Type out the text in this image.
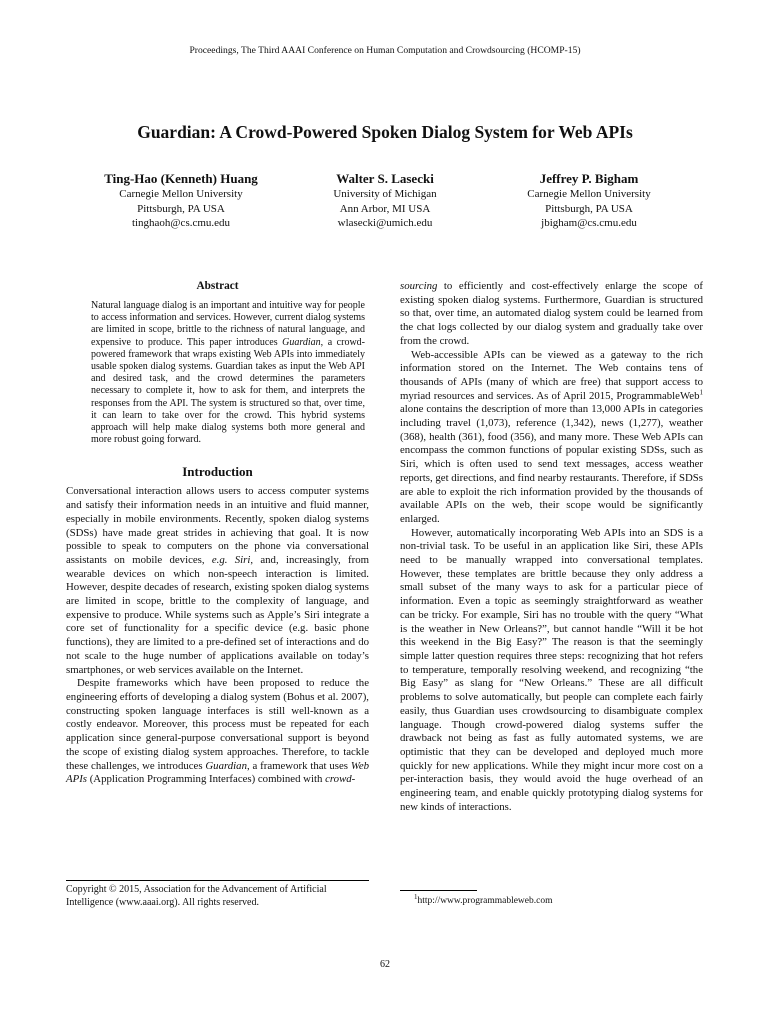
Proceedings, The Third AAAI Conference on Human Computation and Crowdsourcing (HCOMP-15)
Guardian: A Crowd-Powered Spoken Dialog System for Web APIs
Ting-Hao (Kenneth) Huang
Carnegie Mellon University
Pittsburgh, PA USA
tinghaoh@cs.cmu.edu
Walter S. Lasecki
University of Michigan
Ann Arbor, MI USA
wlasecki@umich.edu
Jeffrey P. Bigham
Carnegie Mellon University
Pittsburgh, PA USA
jbigham@cs.cmu.edu
Abstract
Natural language dialog is an important and intuitive way for people to access information and services. However, current dialog systems are limited in scope, brittle to the richness of natural language, and expensive to produce. This paper introduces Guardian, a crowd-powered framework that wraps existing Web APIs into immediately usable spoken dialog systems. Guardian takes as input the Web API and desired task, and the crowd determines the parameters necessary to complete it, how to ask for them, and interprets the responses from the API. The system is structured so that, over time, it can learn to take over for the crowd. This hybrid systems approach will help make dialog systems both more general and more robust going forward.
Introduction

Conversational interaction allows users to access computer systems and satisfy their information needs in an intuitive and fluid manner, especially in mobile environments. Recently, spoken dialog systems (SDSs) have made great strides in achieving that goal. It is now possible to speak to computers on the phone via conversational assistants on mobile devices, e.g. Siri, and, increasingly, from wearable devices on which non-speech interaction is limited. However, despite decades of research, existing spoken dialog systems are limited in scope, brittle to the complexity of language, and expensive to produce. While systems such as Apple’s Siri integrate a core set of functionality for a specific device (e.g. basic phone functions), they are limited to a pre-defined set of interactions and do not scale to the huge number of applications available on today’s smartphones, or web services available on the Internet.

Despite frameworks which have been proposed to reduce the engineering efforts of developing a dialog system (Bohus et al. 2007), constructing spoken language interfaces is still well-known as a costly endeavor. Moreover, this process must be repeated for each application since general-purpose conversational support is beyond the scope of existing dialog system approaches. Therefore, to tackle these challenges, we introduces Guardian, a framework that uses Web APIs (Application Programming Interfaces) combined with crowd-

Copyright © 2015, Association for the Advancement of Artificial Intelligence (www.aaai.org). All rights reserved.

sourcing to efficiently and cost-effectively enlarge the scope of existing spoken dialog systems. Furthermore, Guardian is structured so that, over time, an automated dialog system could be learned from the chat logs collected by our dialog system and gradually take over from the crowd.

Web-accessible APIs can be viewed as a gateway to the rich information stored on the Internet. The Web contains tens of thousands of APIs (many of which are free) that support access to myriad resources and services. As of April 2015, ProgrammableWeb$^1$ alone contains the description of more than 13,000 APIs in categories including travel (1,073), reference (1,342), news (1,277), weather (368), health (361), food (356), and many more. These Web APIs can encompass the common functions of popular existing SDSs, such as Siri, which is often used to send text messages, access weather reports, get directions, and find nearby restaurants. Therefore, if SDSs are able to exploit the rich information provided by the thousands of available APIs on the web, their scope would be significantly enlarged.

However, automatically incorporating Web APIs into an SDS is a non-trivial task. To be useful in an application like Siri, these APIs need to be manually wrapped into conversational templates. However, these templates are brittle because they only address a small subset of the many ways to ask for a particular piece of information. Even a topic as seemingly straightforward as weather can be tricky. For example, Siri has no trouble with the query “What is the weather in New Orleans?”, but cannot handle “Will it be hot this weekend in the Big Easy?” The reason is that the seemingly simple latter question requires three steps: recognizing that hot refers to temperature, temporally resolving weekend, and recognizing “the Big Easy” as slang for “New Orleans.” These are all difficult problems to solve automatically, but people can complete each fairly easily, thus Guardian uses crowdsourcing to disambiguate complex language. Though crowd-powered dialog systems suffer the drawback not being as fast as fully automated systems, we are optimistic that they can be developed and deployed much more quickly for new applications. While they might incur more cost on a per-interaction basis, they would avoid the huge overhead of an engineering team, and enable quickly prototyping dialog systems for new kinds of interactions.

$^1$http://www.programmableweb.com
62
